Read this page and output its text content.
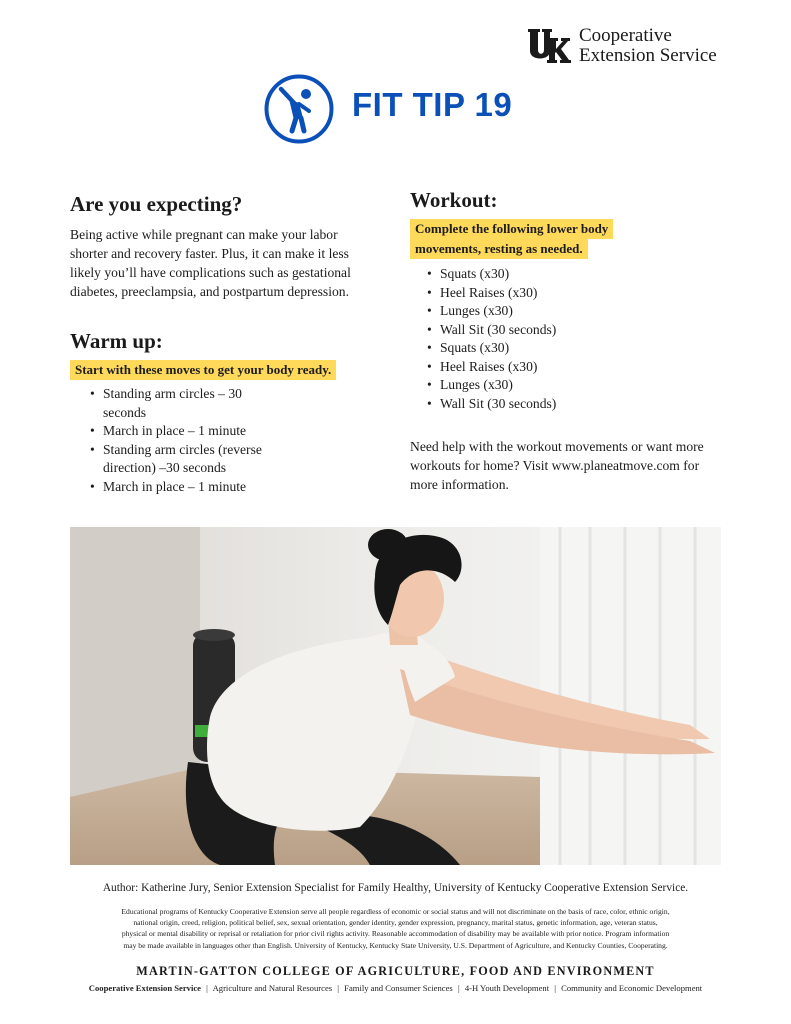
Cooperative
Extension Service
FIT TIP 19
Are you expecting?
Being active while pregnant can make your labor
shorter and recovery faster. Plus, it can make it less
likely you’ll have complications such as gestational
diabetes, preeclampsia, and postpartum depression.
Warm up:
Start with these moves to get your body ready.
• Standing arm circles – 30 seconds
• March in place – 1 minute
• Standing arm circles (reverse direction) –30 seconds
• March in place – 1 minute
Workout:
Complete the following lower body
movements, resting as needed.
• Squats (x30)
• Heel Raises (x30)
• Lunges (x30)
• Wall Sit (30 seconds)
• Squats (x30)
• Heel Raises (x30)
• Lunges (x30)
• Wall Sit (30 seconds)
Need help with the workout movements or want more
workouts for home? Visit www.planeatmove.com for
more information.
Author: Katherine Jury, Senior Extension Specialist for Family Healthy, University of Kentucky Cooperative Extension Service.
Educational programs of Kentucky Cooperative Extension serve all people regardless of economic or social status and will not discriminate on the basis of race, color, ethnic origin,
national origin, creed, religion, political belief, sex, sexual orientation, gender identity, gender expression, pregnancy, marital status, genetic information, age, veteran status,
physical or mental disability or reprisal or retaliation for prior civil rights activity. Reasonable accommodation of disability may be available with prior notice. Program information
may be made available in languages other than English. University of Kentucky, Kentucky State University, U.S. Department of Agriculture, and Kentucky Counties, Cooperating.
MARTIN-GATTON COLLEGE OF AGRICULTURE, FOOD AND ENVIRONMENT
Cooperative Extension Service | Agriculture and Natural Resources | Family and Consumer Sciences | 4-H Youth Development | Community and Economic Development
